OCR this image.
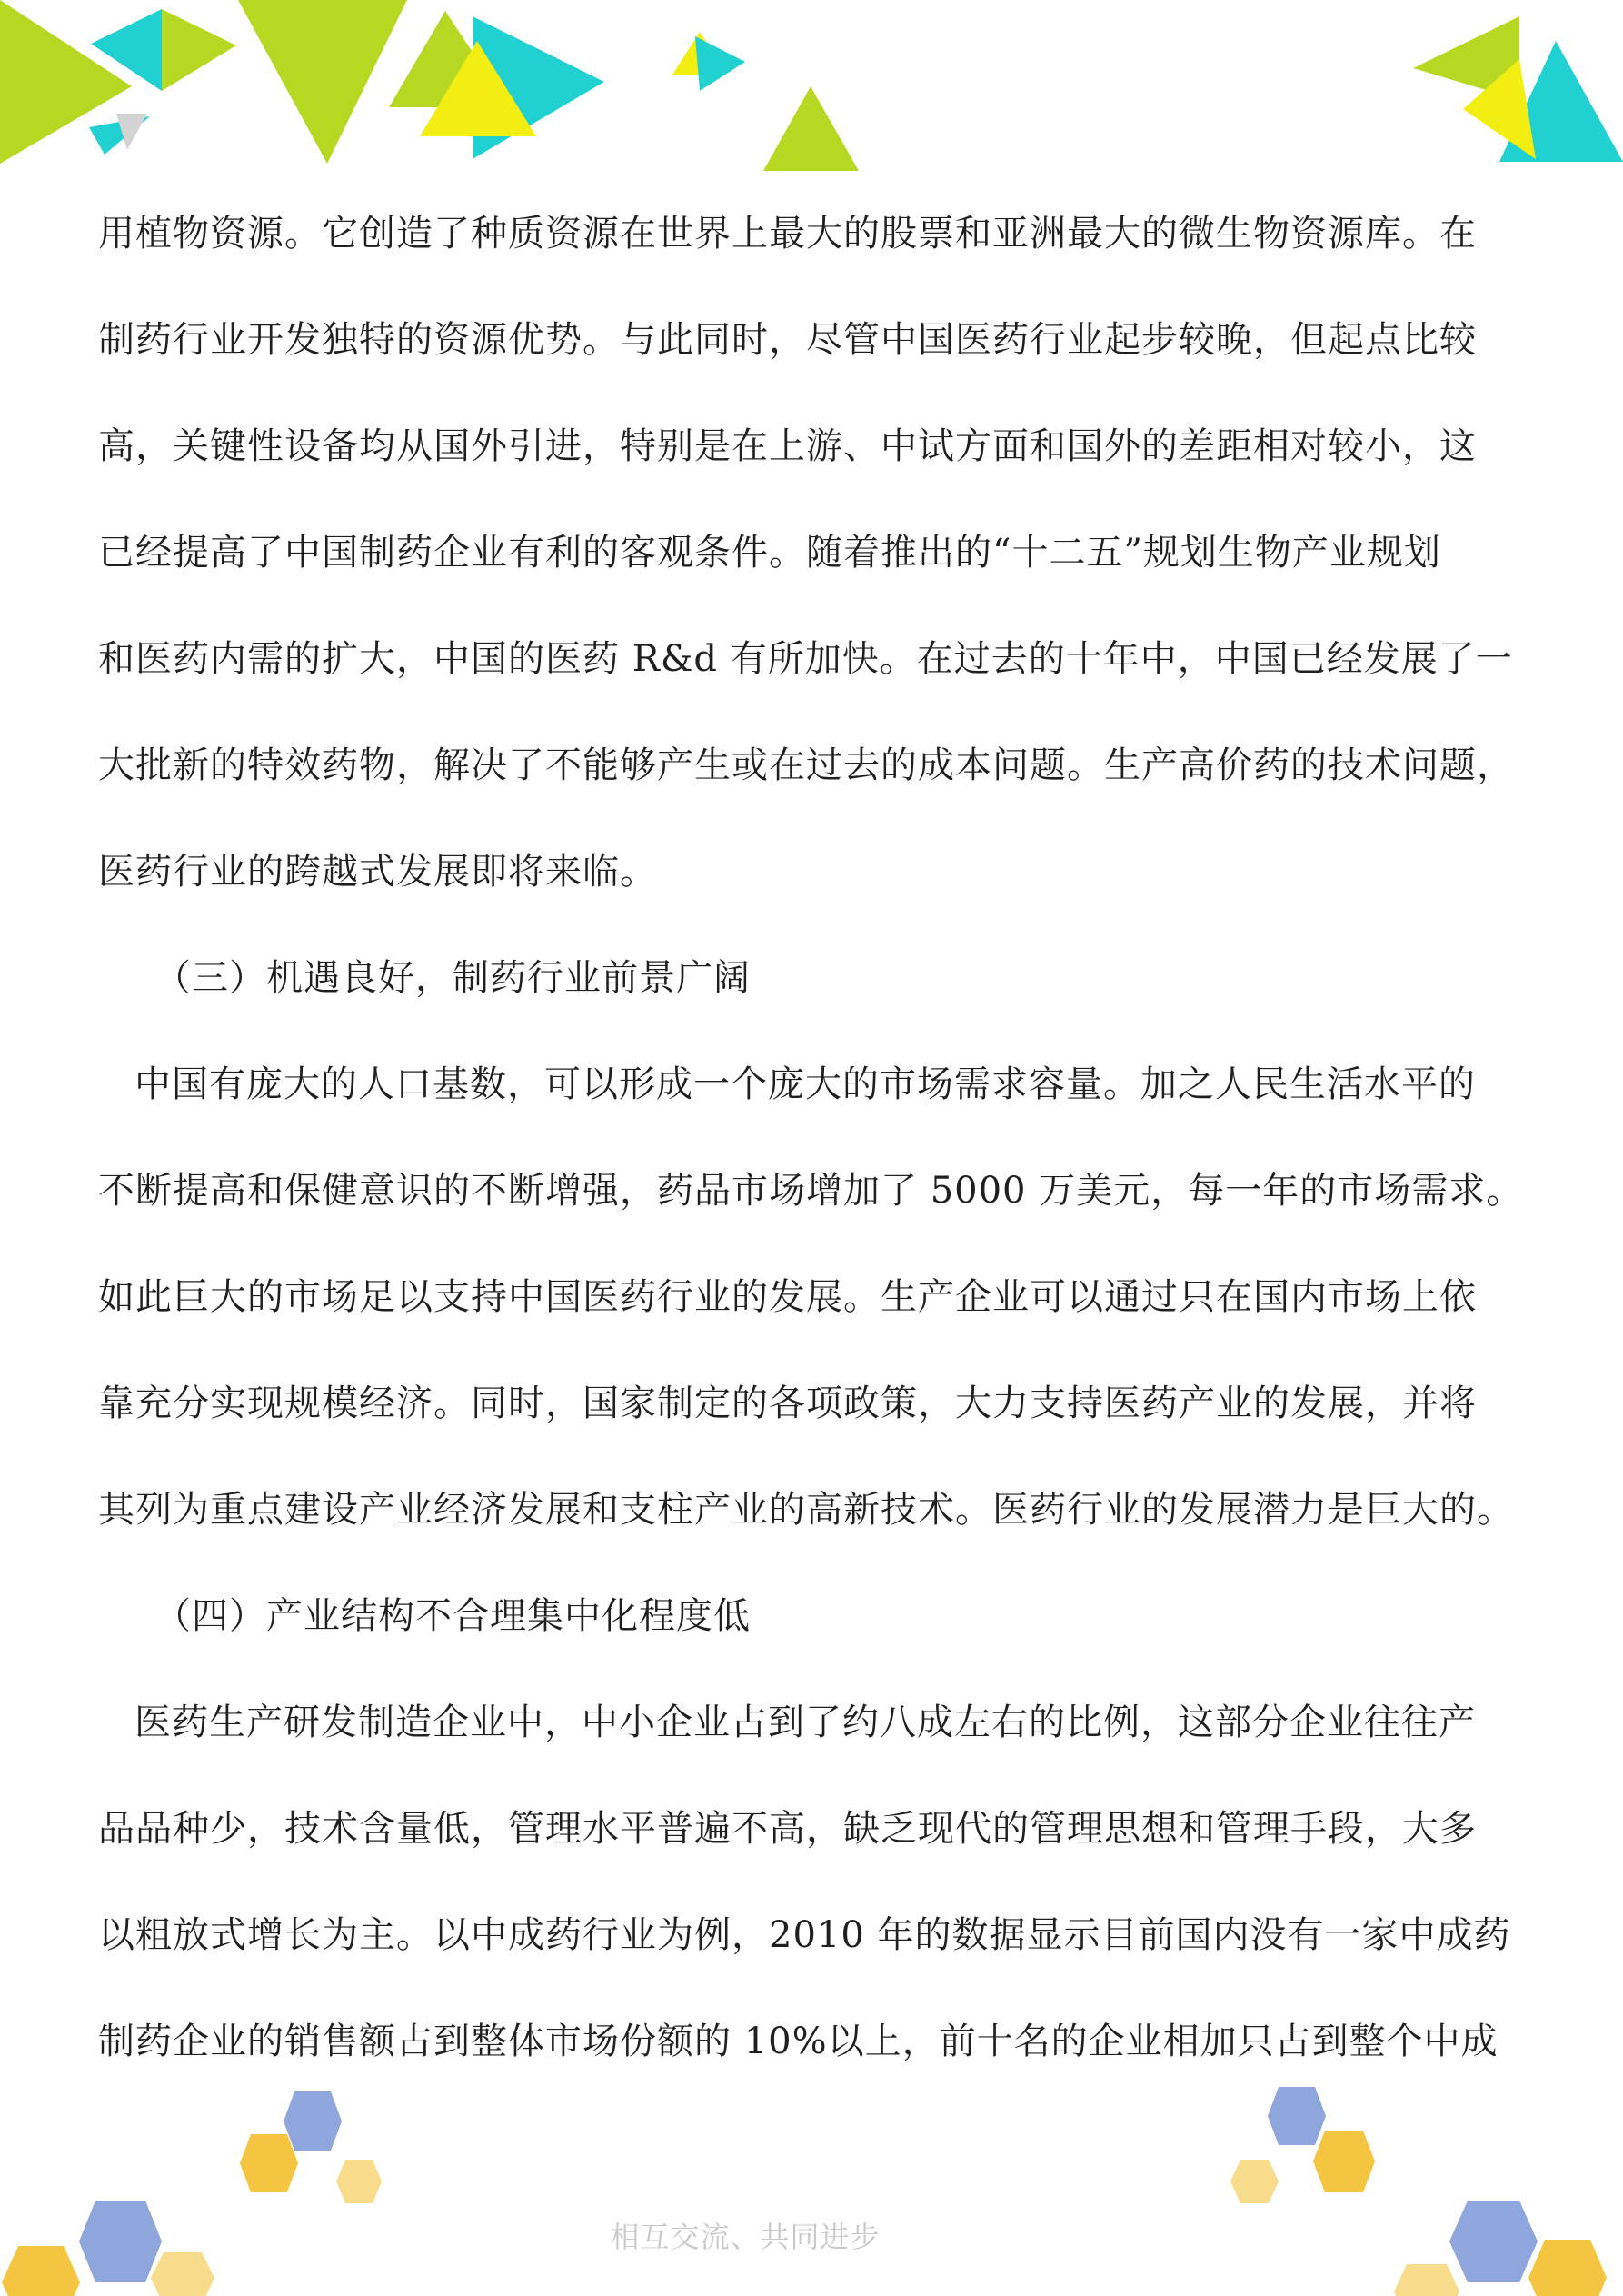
用植物资源。它创造了种质资源在世界上最大的股票和亚洲最大的微生物资源库。在
制药行业开发独特的资源优势。与此同时，尽管中国医药行业起步较晚，但起点比较
高，关键性设备均从国外引进，特别是在上游、中试方面和国外的差距相对较小，这
已经提高了中国制药企业有利的客观条件。随着推出的“十二五”规划生物产业规划
和医药内需的扩大，中国的医药 R&d 有所加快。在过去的十年中，中国已经发展了一
大批新的特效药物，解决了不能够产生或在过去的成本问题。生产高价药的技术问题，
医药行业的跨越式发展即将来临。
（三）机遇良好，制药行业前景广阔
中国有庞大的人口基数，可以形成一个庞大的市场需求容量。加之人民生活水平的
不断提高和保健意识的不断增强，药品市场增加了 5000 万美元，每一年的市场需求。
如此巨大的市场足以支持中国医药行业的发展。生产企业可以通过只在国内市场上依
靠充分实现规模经济。同时，国家制定的各项政策，大力支持医药产业的发展，并将
其列为重点建设产业经济发展和支柱产业的高新技术。医药行业的发展潜力是巨大的。
（四）产业结构不合理集中化程度低
医药生产研发制造企业中，中小企业占到了约八成左右的比例，这部分企业往往产
品品种少，技术含量低，管理水平普遍不高，缺乏现代的管理思想和管理手段，大多
以粗放式增长为主。以中成药行业为例，2010 年的数据显示目前国内没有一家中成药
制药企业的销售额占到整体市场份额的 10%以上，前十名的企业相加只占到整个中成
相互交流、共同进步
